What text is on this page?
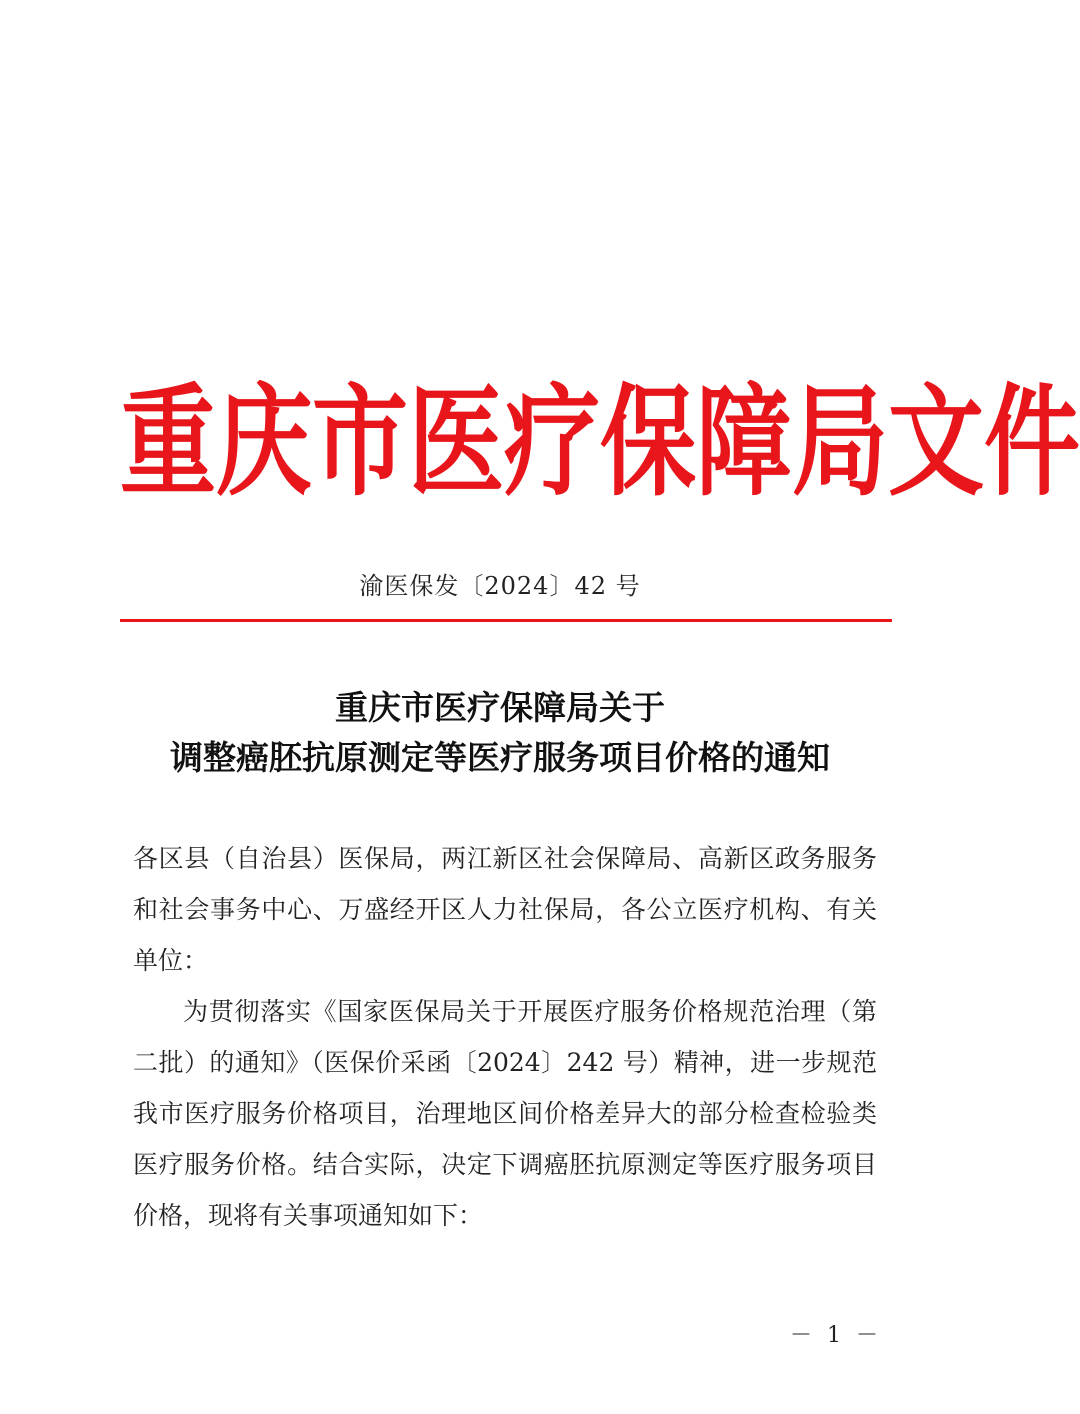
重 庆 市 医 疗 保 障 局 文 件
渝医保发〔2024〕42 号
重庆市医疗保障局关于
调整癌胚抗原测定等医疗服务项目价格的通知
各区县（自治县）医保局，两江新区社会保障局、高新区政务服务和社会事务中心、万盛经开区人力社保局，各公立医疗机构、有关单位：
为贯彻落实《国家医保局关于开展医疗服务价格规范治理（第二批）的通知》（医保价采函〔2024〕242 号）精神，进一步规范我市医疗服务价格项目，治理地区间价格差异大的部分检查检验类医疗服务价格。结合实际，决定下调癌胚抗原测定等医疗服务项目价格，现将有关事项通知如下：
－ 1 －
